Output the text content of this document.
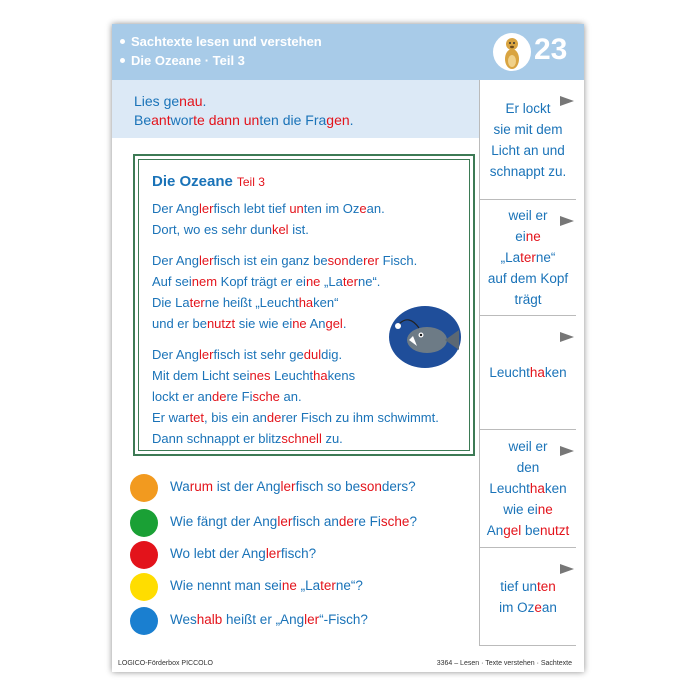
Sachtexte lesen und verstehen
Die Ozeane · Teil 3	23
Lies genau.
Beantworte dann unten die Fragen.
Die Ozeane Teil 3
Der Anglerfisch lebt tief unten im Ozean.
Dort, wo es sehr dunkel ist.
Der Anglerfisch ist ein ganz besonderer Fisch.
Auf seinem Kopf trägt er eine „Laterne“.
Die Laterne heißt „Leuchthaken“
und er benutzt sie wie eine Angel.
Der Anglerfisch ist sehr geduldig.
Mit dem Licht seines Leuchthakens
lockt er andere Fische an.
Er wartet, bis ein anderer Fisch zu ihm schwimmt.
Dann schnappt er blitzschnell zu.
Warum ist der Anglerfisch so besonders?
Wie fängt der Anglerfisch andere Fische?
Wo lebt der Anglerfisch?
Wie nennt man seine „Laterne“?
Weshalb heißt er „Angler“-Fisch?
Er lockt
sie mit dem
Licht an und
schnappt zu.
weil er
eine
„Laterne“
auf dem Kopf
trägt
Leuchthaken
weil er
den
Leuchthaken
wie eine
Angel benutzt
tief unten
im Ozean
LOGICO-Förderbox PICCOLO	3364 – Lesen · Texte verstehen · Sachtexte
